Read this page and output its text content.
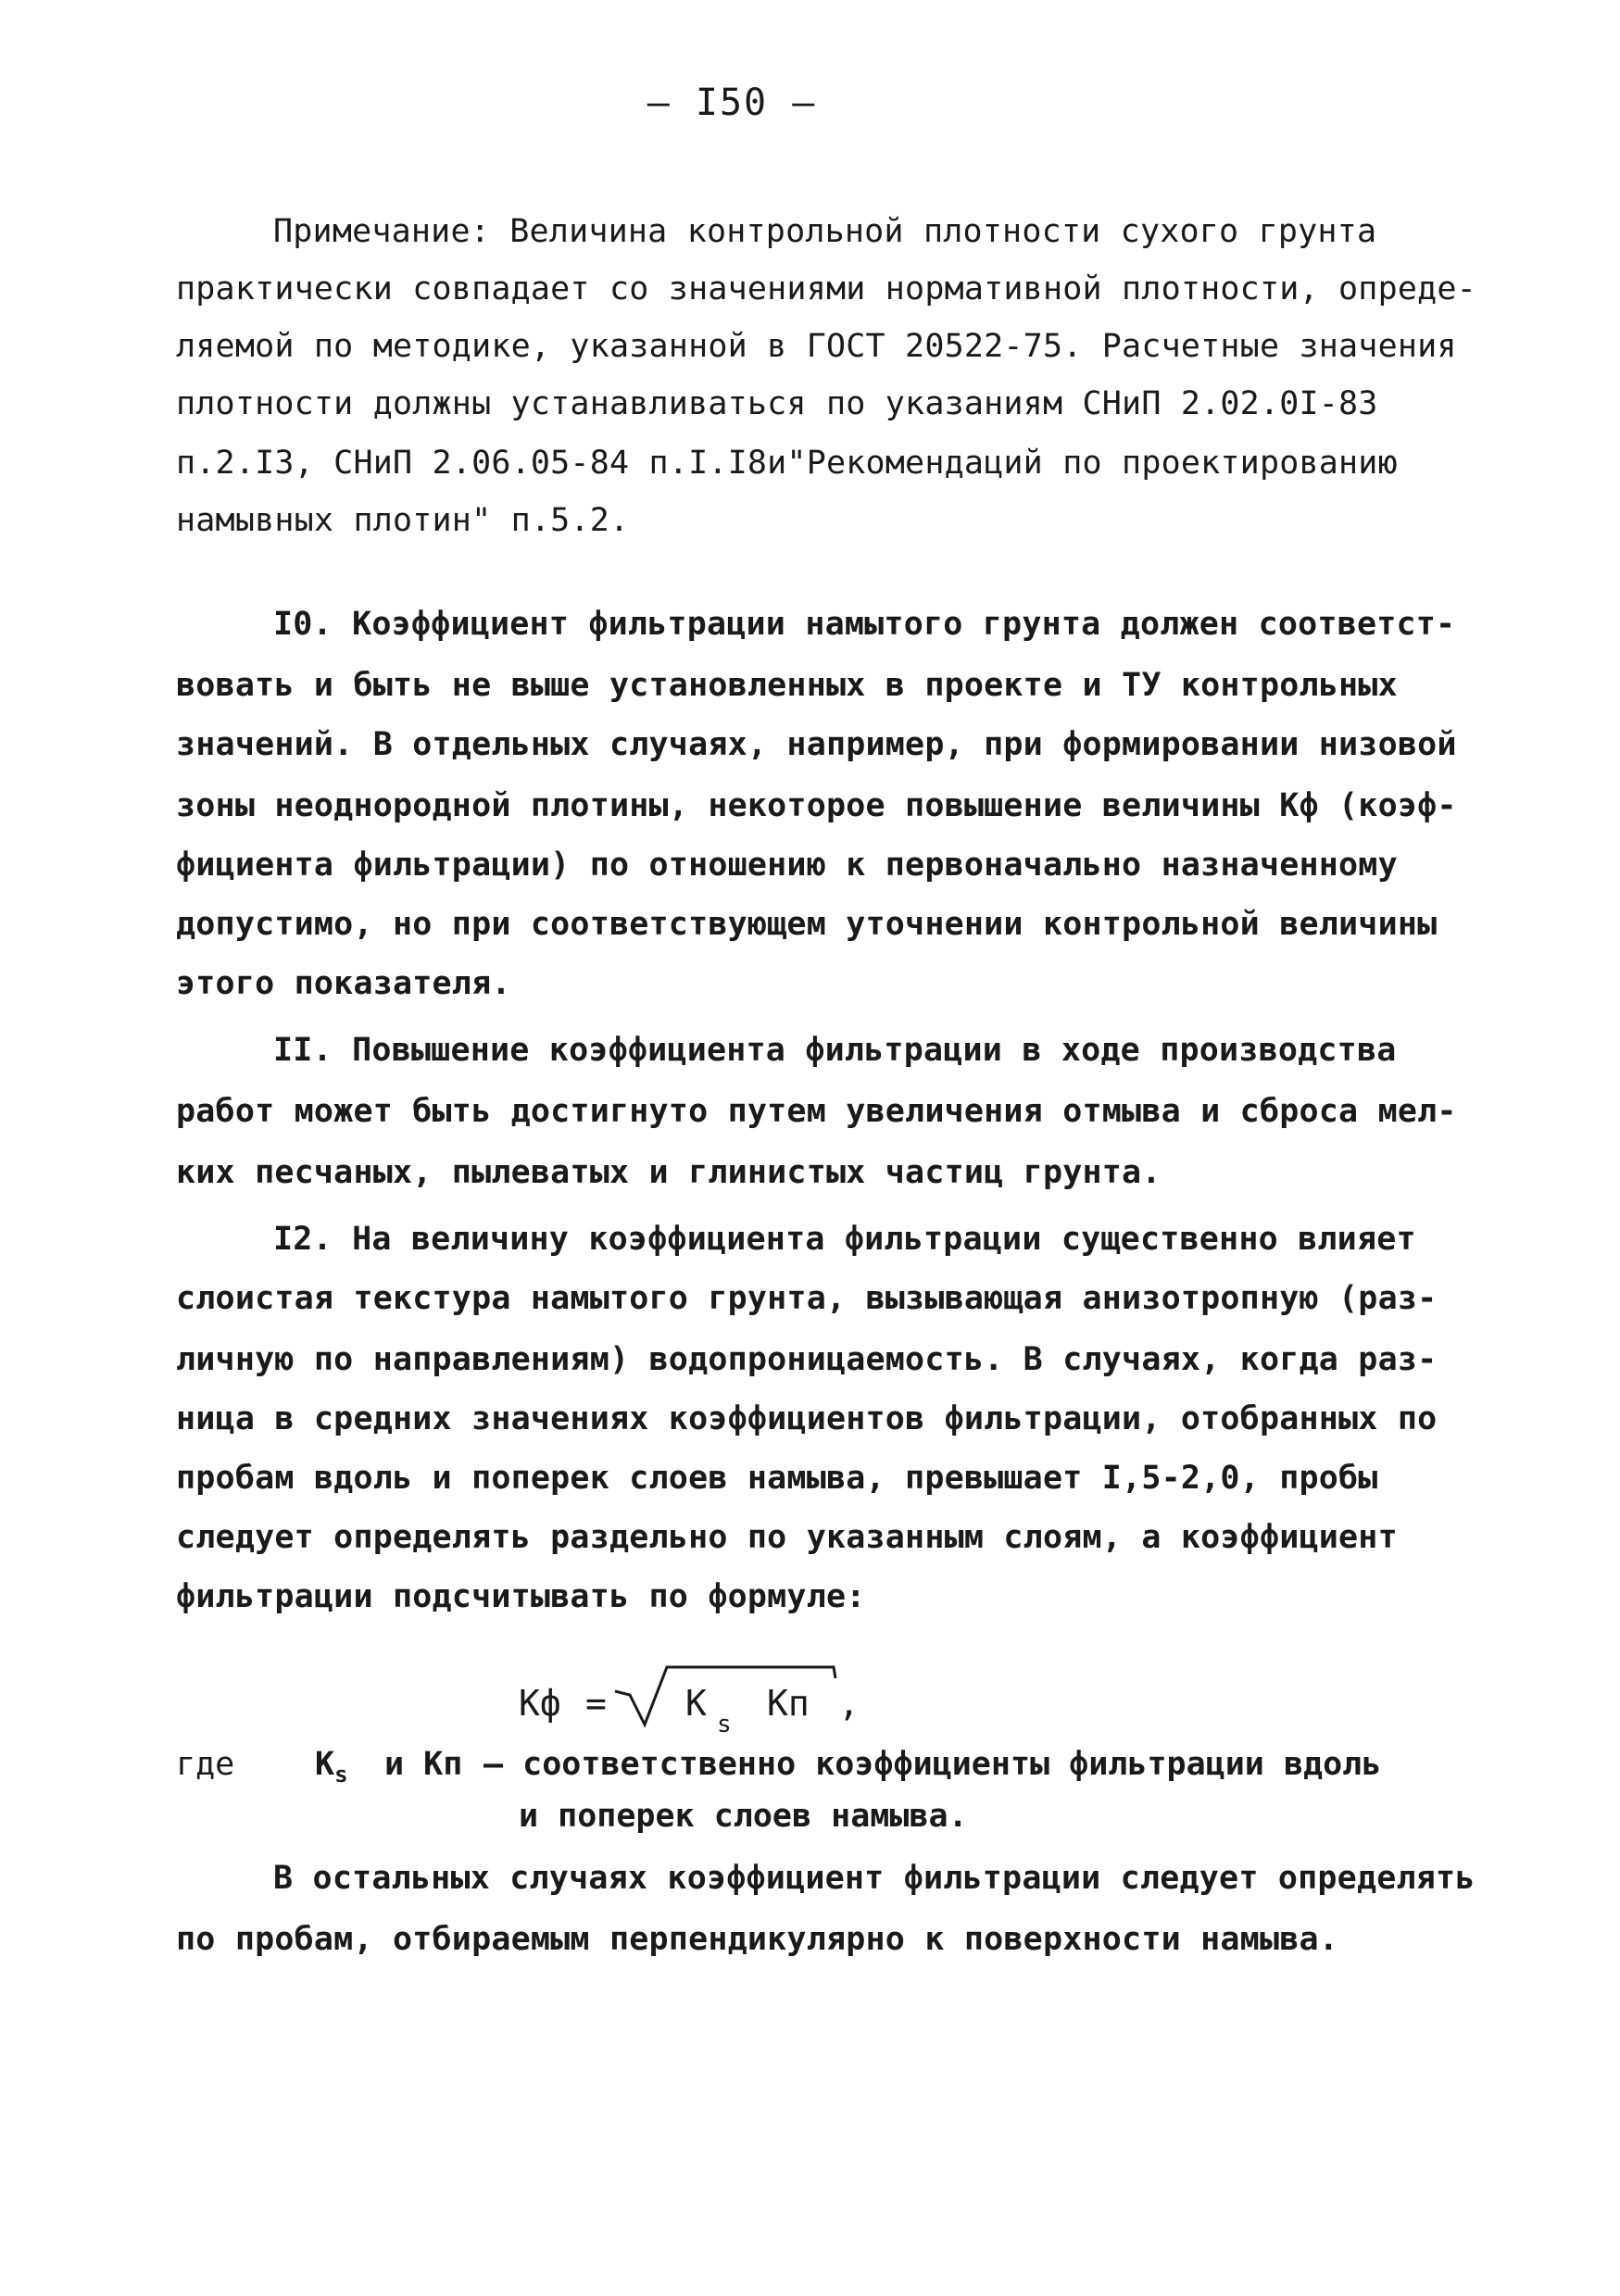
– I50 –
Примечание: Величина контрольной плотности сухого грунта
практически совпадает со значениями нормативной плотности, опреде-
ляемой по методике, указанной в ГОСТ 20522-75. Расчетные значения
плотности должны устанавливаться по указаниям СНиП 2.02.0I-83
п.2.I3, СНиП 2.06.05-84 п.I.I8и"Рекомендаций по проектированию
намывных плотин" п.5.2.
I0. Коэффициент фильтрации намытого грунта должен соответст-
вовать и быть не выше установленных в проекте и ТУ контрольных
значений. В отдельных случаях, например, при формировании низовой
зоны неоднородной плотины, некоторое повышение величины Кф (коэф-
фициента фильтрации) по отношению к первоначально назначенному
допустимо, но при соответствующем уточнении контрольной величины
этого показателя.
II. Повышение коэффициента фильтрации в ходе производства
работ может быть достигнуто путем увеличения отмыва и сброса мел-
ких песчаных, пылеватых и глинистых частиц грунта.
I2. На величину коэффициента фильтрации существенно влияет
слоистая текстура намытого грунта, вызывающая анизотропную (раз-
личную по направлениям) водопроницаемость. В случаях, когда раз-
ница в средних значениях коэффициентов фильтрации, отобранных по
пробам вдоль и поперек слоев намыва, превышает I,5-2,0, пробы
следует определять раздельно по указанным слоям, а коэффициент
фильтрации подсчитывать по формуле:
Кф = К
s
Кп ,
где $К_s$ и Кп – соответственно коэффициенты фильтрации вдоль
и поперек слоев намыва.
В остальных случаях коэффициент фильтрации следует определять
по пробам, отбираемым перпендикулярно к поверхности намыва.
